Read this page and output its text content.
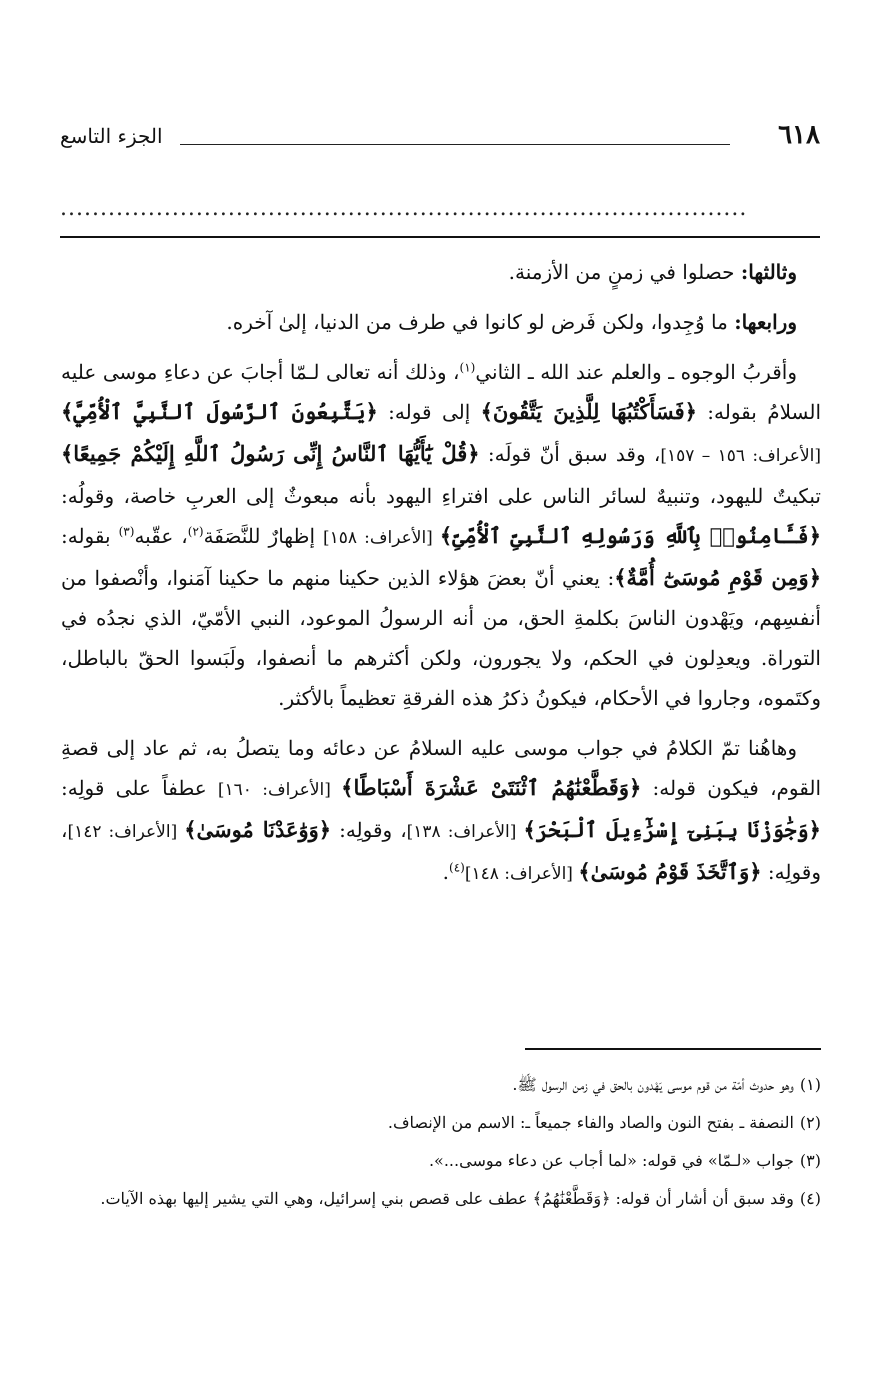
٦١٨
الجزء التاسع
......................................................................................

وثالثها: حصلوا في زمنٍ من الأزمنة.

ورابعها: ما وُجِدوا، ولكن فَرض لو كانوا في طرف من الدنيا، إلىٰ آخره.

وأقربُ الوجوه ـ والعلم عند الله ـ الثاني$^{(١)}$، وذلك أنه تعالى لـمّا أجابَ عن دعاءِ موسى عليه السلامُ بقوله: ﴿فَسَأَكْتُبُهَا لِلَّذِينَ يَتَّقُونَ﴾ إلى قوله: ﴿يَتَّبِعُونَ ٱلرَّسُولَ ٱلنَّبِيَّ ٱلْأُمِّيَّ﴾ [الأعراف: ١٥٦ – ١٥٧]، وقد سبق أنّ قولَه: ﴿قُلْ يَٰٓأَيُّهَا ٱلنَّاسُ إِنِّى رَسُولُ ٱللَّهِ إِلَيْكُمْ جَمِيعًا﴾ تبكيتٌ لليهود، وتنبيهٌ لسائر الناس على افتراءِ اليهود بأنه مبعوثٌ إلى العربِ خاصة، وقولُه: ﴿فَـَٔامِنُوا۟ بِٱللَّهِ وَرَسُولِهِ ٱلنَّبِىِّ ٱلْأُمِّىِّ﴾ [الأعراف: ١٥٨] إظهارٌ للنَّصَفَة$^{(٢)}$، عقّبه$^{(٣)}$ بقوله: ﴿وَمِن قَوْمِ مُوسَىٰٓ أُمَّةٌ﴾: يعني أنّ بعضَ هؤلاء الذين حكينا منهم ما حكينا آمَنوا، وأنْصفوا من أنفسِهم، ويَهْدون الناسَ بكلمةِ الحق، من أنه الرسولُ الموعود، النبي الأمّيّ، الذي نجدُه في التوراة. ويعدِلون في الحكم، ولا يجورون، ولكن أكثرهم ما أنصفوا، ولَبَسوا الحقّ بالباطل، وكتَموه، وجاروا في الأحكام، فيكونُ ذكرُ هذه الفرقةِ تعظيماً بالأكثر.

وهاهُنا تمّ الكلامُ في جواب موسى عليه السلامُ عن دعائه وما يتصلُ به، ثم عاد إلى قصةِ القوم، فيكون قوله: ﴿وَقَطَّعْنَٰهُمُ ٱثْنَتَىْ عَشْرَةَ أَسْبَاطًا﴾ [الأعراف: ١٦٠] عطفاً على قولِه: ﴿وَجَٰوَزْنَا بِبَنِىٓ إِسْرَٰٓءِيلَ ٱلْبَحْرَ﴾ [الأعراف: ١٣٨]، وقولِه: ﴿وَوَٰعَدْنَا مُوسَىٰ﴾ [الأعراف: ١٤٢]، وقولِه: ﴿وَٱتَّخَذَ قَوْمُ مُوسَىٰ﴾ [الأعراف: ١٤٨]$^{(٤)}$.

(١)وهو حدوث أمّة من قوم موسى يَهْدون بالحق في زمن الرسول ﷺ.

(٢)النصفة ـ بفتح النون والصاد والفاء جميعاً ـ: الاسم من الإنصاف.

(٣)جواب «لـمّا» في قوله: «لما أجاب عن دعاء موسى...».

(٤)وقد سبق أن أشار أن قوله: ﴿وَقَطَّعْنَٰهُمُ﴾ عطف على قصص بني إسرائيل، وهي التي يشير إليها بهذه الآيات.
